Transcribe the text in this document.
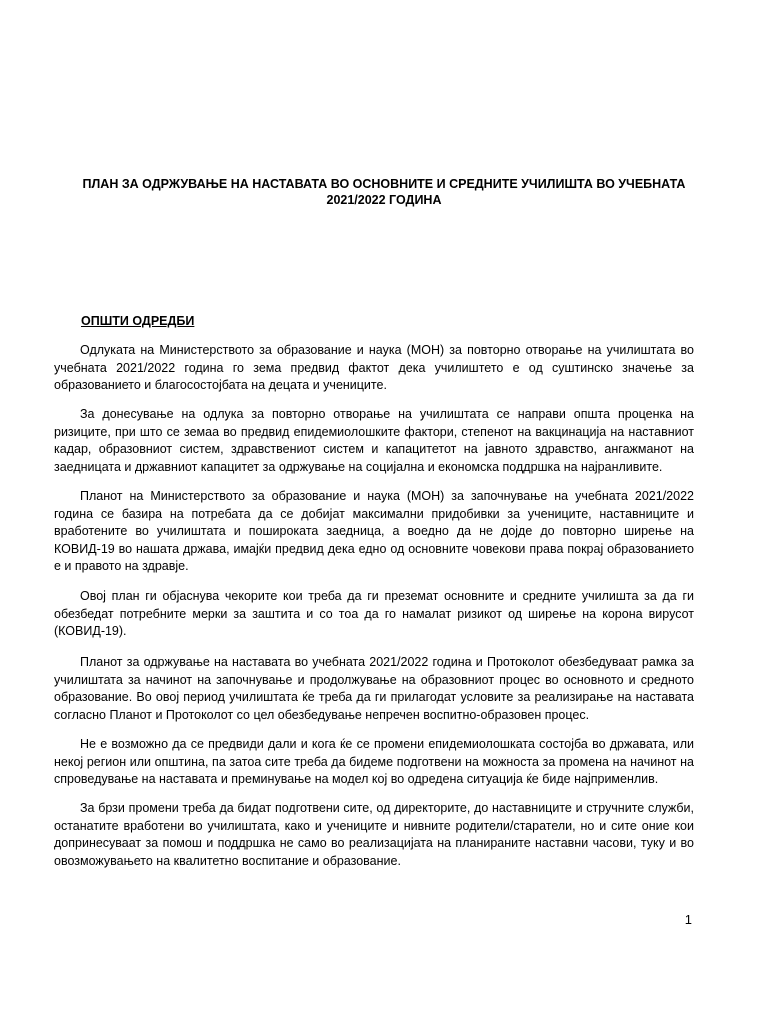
ПЛАН ЗА ОДРЖУВАЊЕ НА НАСТАВАТА ВО ОСНОВНИТЕ И СРЕДНИТЕ УЧИЛИШТА ВО УЧЕБНАТА 2021/2022 ГОДИНА

ОПШТИ ОДРЕДБИ

Одлуката на Министерството за образование и наука (МОН) за повторно отворање на училиштата во учебната 2021/2022 година го зема предвид фактот дека училиштето е од суштинско значење за образованието и благосостојбата на децата и учениците.

За донесување на одлука за повторно отворање на училиштата се направи општа проценка на ризиците, при што се земаа во предвид епидемиолошките фактори, степенот на вакцинација на наставниот кадар, образовниот систем, здравствениот систем и капацитетот на јавното здравство, ангажманот на заедницата и државниот капацитет за одржување на социјална и економска поддршка на најранливите.

Планот на Министерството за образование и наука (МОН) за започнување на учебната 2021/2022 година се базира на потребата да се добијат максимални придобивки за учениците, наставниците и вработените во училиштата и пошироката заедница, а воедно да не дојде до повторно ширење на КОВИД-19 во нашата држава, имајќи предвид дека едно од основните човекови права покрај образованието е и правото на здравје.

Овој план ги објаснува чекорите кои треба да ги преземат основните и средните училишта за да ги обезбедат потребните мерки за заштита и со тоа да го намалат ризикот од ширење на корона вирусот (КОВИД-19).

Планот за одржување на наставата во учебната 2021/2022 година и Протоколот обезбедуваат рамка за училиштата за начинот на започнување и продолжување на образовниот процес во основното и средното образование. Во овој период училиштата ќе треба да ги прилагодат условите за реализирање на наставата согласно Планот и Протоколот со цел обезбедување непречен воспитно-образовен процес.

Не е возможно да се предвиди дали и кога ќе се промени епидемиолошката состојба во државата, или некој регион или општина, па затоа сите треба да бидеме подготвени на можноста за промена на начинот на спроведување на наставата и преминување на модел кој во одредена ситуација ќе биде најприменлив.

За брзи промени треба да бидат подготвени сите, од директорите, до наставниците и стручните служби, останатите вработени во училиштата, како и учениците и нивните родители/старатели, но и сите оние кои допринесуваат за помош и поддршка не само во реализацијата на планираните наставни часови, туку и во овозможувањето на квалитетно воспитание и образование.

1
